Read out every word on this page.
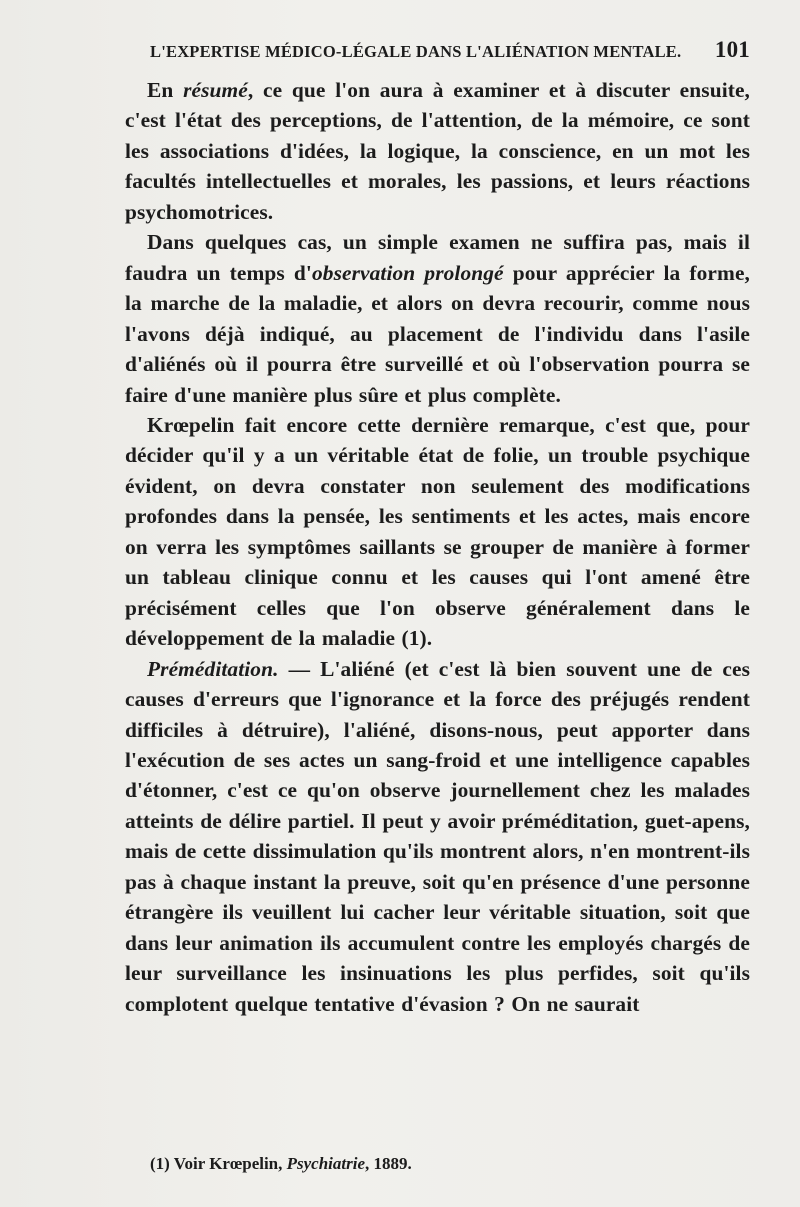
L'EXPERTISE MÉDICO-LÉGALE DANS L'ALIÉNATION MENTALE. 101

En résumé, ce que l'on aura à examiner et à discuter ensuite, c'est l'état des perceptions, de l'attention, de la mémoire, ce sont les associations d'idées, la logique, la conscience, en un mot les facultés intellectuelles et morales, les passions, et leurs réactions psychomotrices.

Dans quelques cas, un simple examen ne suffira pas, mais il faudra un temps d'observation prolongé pour apprécier la forme, la marche de la maladie, et alors on devra recourir, comme nous l'avons déjà indiqué, au placement de l'individu dans l'asile d'aliénés où il pourra être surveillé et où l'observation pourra se faire d'une manière plus sûre et plus complète.

Krœpelin fait encore cette dernière remarque, c'est que, pour décider qu'il y a un véritable état de folie, un trouble psychique évident, on devra constater non seulement des modifications profondes dans la pensée, les sentiments et les actes, mais encore on verra les symptômes saillants se grouper de manière à former un tableau clinique connu et les causes qui l'ont amené être précisément celles que l'on observe généralement dans le développement de la maladie (1).

Préméditation. — L'aliéné (et c'est là bien souvent une de ces causes d'erreurs que l'ignorance et la force des préjugés rendent difficiles à détruire), l'aliéné, disons-nous, peut apporter dans l'exécution de ses actes un sang-froid et une intelligence capables d'étonner, c'est ce qu'on observe journellement chez les malades atteints de délire partiel. Il peut y avoir préméditation, guet-apens, mais de cette dissimulation qu'ils montrent alors, n'en montrent-ils pas à chaque instant la preuve, soit qu'en présence d'une personne étrangère ils veuillent lui cacher leur véritable situation, soit que dans leur animation ils accumulent contre les employés chargés de leur surveillance les insinuations les plus perfides, soit qu'ils complotent quelque tentative d'évasion ? On ne saurait

(1) Voir Krœpelin, Psychiatrie, 1889.
